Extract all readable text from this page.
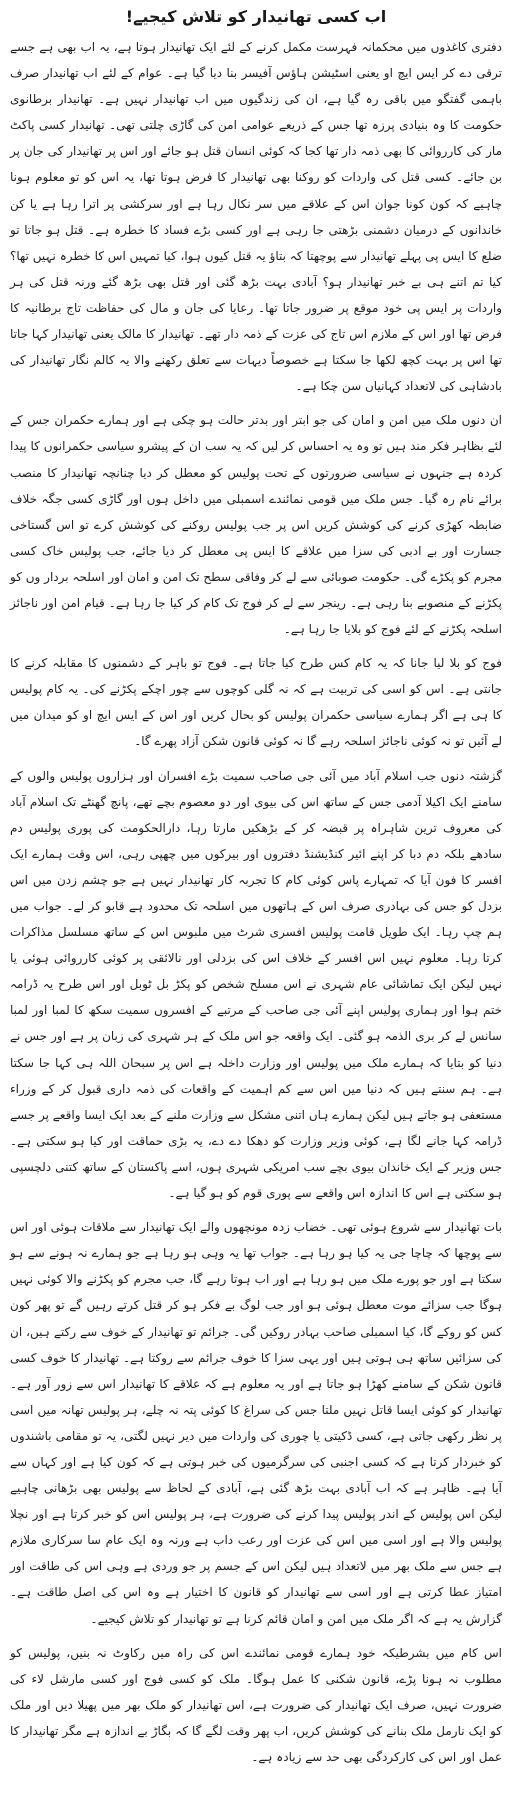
اب کسی تھانیدار کو تلاش کیجیے!
دفتری کاغذوں میں محکمانہ فہرست مکمل کرنے کے لئے ایک تھانیدار ہوتا ہے، یہ اب بھی ہے جسے ترقی دے کر ایس ایچ او یعنی اسٹیشن ہاؤس آفیسر بنا دیا گیا ہے۔ عوام کے لئے اب تھانیدار صرف باہمی گفتگو میں باقی رہ گیا ہے، ان کی زندگیوں میں اب تھانیدار نہیں ہے۔ تھانیدار برطانوی حکومت کا وہ بنیادی پرزہ تھا جس کے ذریعے عوامی امن کی گاڑی چلتی تھی۔ تھانیدار کسی پاکٹ مار کی کارروائی کا بھی ذمہ دار تھا کجا کہ کوئی انسان قتل ہو جائے اور اس پر تھانیدار کی جان پر بن جائے۔ کسی قتل کی واردات کو روکنا بھی تھانیدار کا فرض ہوتا تھا، یہ اس کو تو معلوم ہونا چاہیے کہ کون کونا جوان اس کے علاقے میں سر نکال رہا ہے اور سرکشی پر اترا رہا ہے یا کن خاندانوں کے درمیان دشمنی بڑھتی جا رہی ہے اور کسی بڑے فساد کا خطرہ ہے۔ قتل ہو جاتا تو ضلع کا ایس پی پہلے تھانیدار سے پوچھتا کہ بتاؤ یہ قتل کیوں ہوا، کیا تمہیں اس کا خطرہ نہیں تھا؟ کیا تم اتنے ہی بے خبر تھانیدار ہو؟ آبادی بہت بڑھ گئی اور قتل بھی بڑھ گئے ورنہ قتل کی ہر واردات پر ایس پی خود موقع پر ضرور جاتا تھا۔ رعایا کی جان و مال کی حفاظت تاج برطانیہ کا فرض تھا اور اس کے ملازم اس تاج کی عزت کے ذمہ دار تھے۔ تھانیدار کا مالک یعنی تھانیدار کہا جاتا تھا اس پر بہت کچھ لکھا جا سکتا ہے خصوصاً دیہات سے تعلق رکھنے والا یہ کالم نگار تھانیدار کی بادشاہی کی لاتعداد کہانیاں سن چکا ہے۔
ان دنوں ملک میں امن و امان کی جو ابتر اور بدتر حالت ہو چکی ہے اور ہمارے حکمران جس کے لئے بظاہر فکر مند ہیں تو وہ یہ احساس کر لیں کہ یہ سب ان کے پیشرو سیاسی حکمرانوں کا پیدا کردہ ہے جنہوں نے سیاسی ضرورتوں کے تحت پولیس کو معطل کر دیا چنانچہ تھانیدار کا منصب برائے نام رہ گیا۔ جس ملک میں قومی نمائندے اسمبلی میں داخل ہوں اور گاڑی کسی جگہ خلاف ضابطہ کھڑی کرنے کی کوشش کریں اس پر جب پولیس روکنے کی کوشش کرے تو اس گستاخی جسارت اور بے ادبی کی سزا میں علاقے کا ایس پی معطل کر دیا جائے، جب پولیس خاک کسی مجرم کو پکڑے گی۔ حکومت صوبائی سے لے کر وفاقی سطح تک امن و امان اور اسلحہ بردار وں کو پکڑنے کے منصوبے بنا رہی ہے۔ رینجر سے لے کر فوج تک کام کر کیا جا رہا ہے۔ قیام امن اور ناجائز اسلحہ پکڑنے کے لئے فوج کو بلایا جا رہا ہے۔
فوج کو بلا لیا جانا کہ یہ کام کس طرح کیا جاتا ہے۔ فوج تو باہر کے دشمنوں کا مقابلہ کرنے کا جانتی ہے۔ اس کو اسی کی تربیت ہے کہ نہ گلی کوچوں سے چور اچکے پکڑنے کی۔ یہ کام پولیس کا ہی ہے اگر ہمارے سیاسی حکمران پولیس کو بحال کریں اور اس کے ایس ایچ او کو میدان میں لے آئیں تو نہ کوئی ناجائز اسلحہ رہے گا نہ کوئی قانون شکن آزاد پھرے گا۔
گزشتہ دنوں جب اسلام آباد میں آئی جی صاحب سمیت بڑے افسران اور ہزاروں پولیس والوں کے سامنے ایک اکیلا آدمی جس کے ساتھ اس کی بیوی اور دو معصوم بچے تھے، پانچ گھنٹے تک اسلام آباد کی معروف ترین شاہراہ پر قبضہ کر کے بڑھکیں مارتا رہا، دارالحکومت کی پوری پولیس دم سادھے بلکہ دم دبا کر اپنے ائیر کنڈیشنڈ دفتروں اور بیرکوں میں چھپی رہی، اس وقت ہمارے ایک افسر کا فون آیا کہ تمہارے پاس کوئی کام کا تجربہ کار تھانیدار نہیں ہے جو چشم زدن میں اس بزدل کو جس کی بہادری صرف اس کے ہاتھوں میں اسلحہ تک محدود ہے قابو کر لے۔ جواب میں ہم چپ رہا۔ ایک طویل قامت پولیس افسری شرٹ میں ملبوس اس کے ساتھ مسلسل مذاکرات کرتا رہا۔ معلوم نہیں اس افسر کے خلاف اس کی بزدلی اور نالائقی پر کوئی کارروائی ہوئی یا نہیں لیکن ایک تماشائی عام شہری نے اس مسلح شخص کو پکڑ بل ٹوبل اور اس طرح یہ ڈرامہ ختم ہوا اور ہماری پولیس اپنے آئی جی صاحب کے مرتبے کے افسروں سمیت سکھ کا لمبا اور لمبا سانس لے کر بری الذمہ ہو گئی۔ ایک واقعہ جو اس ملک کے ہر شہری کی زبان پر ہے اور جس نے دنیا کو بتایا کہ ہمارے ملک میں پولیس اور وزارت داخلہ ہے اس پر سبحان اللہ ہی کہا جا سکتا ہے۔ ہم سنتے ہیں کہ دنیا میں اس سے کم اہمیت کے واقعات کی ذمہ داری قبول کر کے وزراء مستعفی ہو جاتے ہیں لیکن ہمارے ہاں اتنی مشکل سے وزارت ملنے کے بعد ایک ایسا واقعے پر جسے ڈرامہ کہا جانے لگا ہے، کوئی وزیر وزارت کو دھکا دے دے، یہ بڑی حماقت اور کیا ہو سکتی ہے۔ جس وزیر کے ایک خاندان بیوی بچے سب امریکی شہری ہوں، اسے پاکستان کے ساتھ کتنی دلچسپی ہو سکتی ہے اس کا اندازہ اس واقعے سے پوری قوم کو ہو گیا ہے۔
بات تھانیدار سے شروع ہوئی تھی۔ خضاب زدہ مونچھوں والے ایک تھانیدار سے ملاقات ہوئی اور اس سے پوچھا کہ چاچا جی یہ کیا ہو رہا ہے۔ جواب تھا یہ وہی ہو رہا ہے جو ہمارے نہ ہونے سے ہو سکتا ہے اور جو پورے ملک میں ہو رہا ہے اور اب ہوتا رہے گا، جب مجرم کو پکڑنے والا کوئی نہیں ہوگا جب سزائے موت معطل ہوئی ہو اور جب لوگ بے فکر ہو کر قتل کرتے رہیں گے تو پھر کون کس کو روکے گا، کیا اسمبلی صاحب بہادر روکیں گی۔ جرائم تو تھانیدار کے خوف سے رکتے ہیں، ان کی سزائیں ساتھ ہی ہوتی ہیں اور یہی سزا کا خوف جرائم سے روکتا ہے۔ تھانیدار کا خوف کسی قانون شکن کے سامنے کھڑا ہو جاتا ہے اور یہ معلوم ہے کہ علاقے کا تھانیدار اس سے زور آور ہے۔ تھانیدار کو کوئی ایسا قاتل نہیں ملتا جس کی سراغ کا کوئی پتہ نہ چلے، ہر پولیس تھانہ میں اسی پر نظر رکھی جاتی ہے، کسی ڈکیتی یا چوری کی واردات میں دیر نہیں لگتی، یہ تو مقامی باشندوں کو خبردار کرتا ہے کہ کسی اجنبی کی سرگرمیوں کی خبر ہوتی ہے کہ کون کیا ہے اور کہاں سے آیا ہے۔ ظاہر ہے کہ اب آبادی بہت بڑھ گئی ہے، آبادی کے لحاظ سے پولیس بھی بڑھانی چاہیے لیکن اس پولیس کے اندر پولیس پیدا کرنے کی ضرورت ہے، ہر پولیس اس کو خبر کرتا ہے اور نچلا پولیس والا ہے اور اسی میں اس کی عزت اور رعب داب ہے ورنہ وہ ایک عام سا سرکاری ملازم ہے جس سے ملک بھر میں لاتعداد ہیں لیکن اس کے جسم پر جو وردی ہے وہی اس کی طاقت اور امتیاز عطا کرتی ہے اور اسی سے تھانیدار کو قانون کا اختیار ہے وہ اس کی اصل طاقت ہے۔ گزارش یہ ہے کہ اگر ملک میں امن و امان قائم کرنا ہے تو تھانیدار کو تلاش کیجیے۔
اس کام میں بشرطیکہ خود ہمارے قومی نمائندے اس کی راہ میں رکاوٹ نہ بنیں، پولیس کو مطلوب نہ ہونا پڑے، قانون شکنی کا عمل ہوگا۔ ملک کو کسی فوج اور کسی مارشل لاء کی ضرورت نہیں، صرف ایک تھانیدار کی ضرورت ہے، اس تھانیدار کو ملک بھر میں پھیلا دیں اور ملک کو ایک نارمل ملک بنانے کی کوشش کریں، اب پھر وقت لگے گا کہ بگاڑ بے اندازہ ہے مگر تھانیدار کا عمل اور اس کی کارکردگی بھی حد سے زیادہ ہے۔
